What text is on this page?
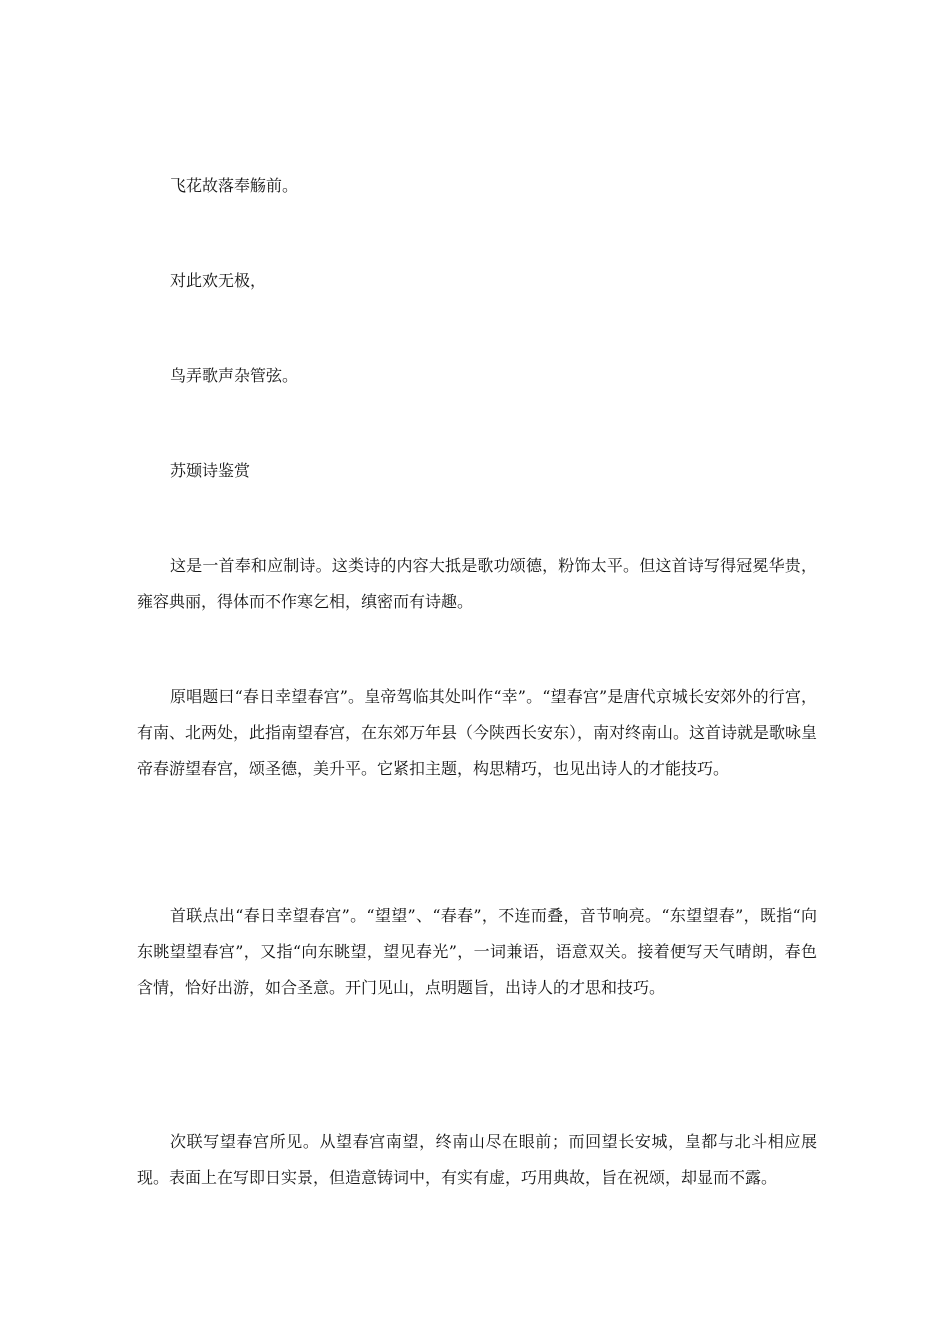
飞花故落奉觞前。
对此欢无极，
鸟弄歌声杂管弦。
苏颋诗鉴赏

这是一首奉和应制诗。这类诗的内容大抵是歌功颂德，粉饰太平。但这首诗写得冠冕华贵，雍容典丽，得体而不作寒乞相，缜密而有诗趣。

原唱题曰“春日幸望春宫”。皇帝驾临其处叫作“幸”。“望春宫”是唐代京城长安郊外的行宫，有南、北两处，此指南望春宫，在东郊万年县（今陕西长安东），南对终南山。这首诗就是歌咏皇帝春游望春宫，颂圣德，美升平。它紧扣主题，构思精巧，也见出诗人的才能技巧。

首联点出“春日幸望春宫”。“望望”、“春春”，不连而叠，音节响亮。“东望望春”，既指“向东眺望望春宫”，又指“向东眺望，望见春光”，一词兼语，语意双关。接着便写天气晴朗，春色含情，恰好出游，如合圣意。开门见山，点明题旨，出诗人的才思和技巧。

次联写望春宫所见。从望春宫南望，终南山尽在眼前；而回望长安城，皇都与北斗相应展现。表面上在写即日实景，但造意铸词中，有实有虚，巧用典故，旨在祝颂，却显而不露。
